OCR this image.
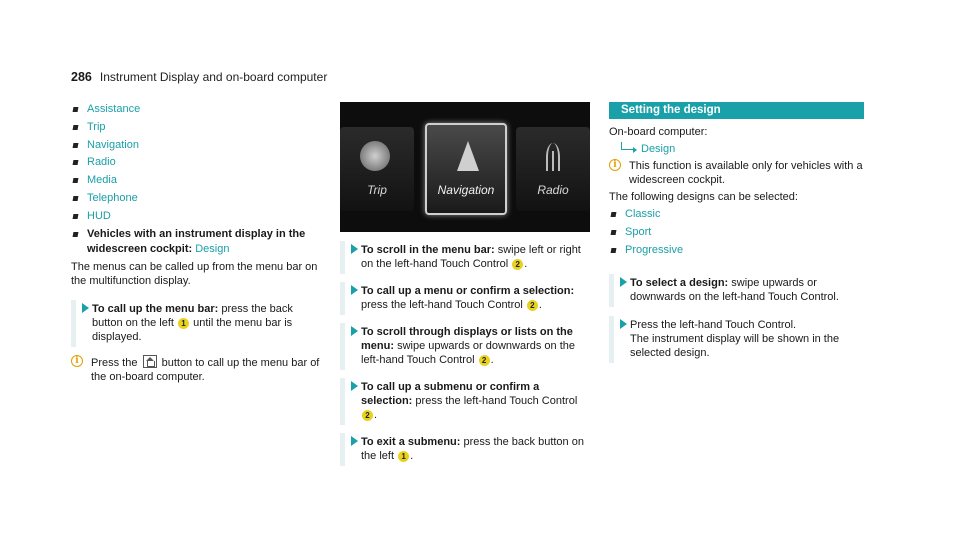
286 Instrument Display and on-board computer
Assistance
Trip
Navigation
Radio
Media
Telephone
HUD
Vehicles with an instrument display in the widescreen cockpit: Design

The menus can be called up from the menu bar on the multifunction display.

To call up the menu bar: press the back button on the left 1 until the menu bar is displayed.
i	Press the button to call up the menu bar of the on-board computer.
Trip	Navigation	Radio
To scroll in the menu bar: swipe left or right on the left-hand Touch Control 2 .
To call up a menu or confirm a selection: press the left-hand Touch Control 2 .
To scroll through displays or lists on the menu: swipe upwards or downwards on the left-hand Touch Control 2 .
To call up a submenu or confirm a selection: press the left-hand Touch Control 2 .
To exit a submenu: press the back button on the left 1 .
Setting the design

On-board computer:

Design

i	This function is available only for vehicles with a widescreen cockpit.

The following designs can be selected:

Classic
Sport
Progressive
To select a design: swipe upwards or downwards on the left-hand Touch Control.
Press the left-hand Touch Control.
The instrument display will be shown in the selected design.
